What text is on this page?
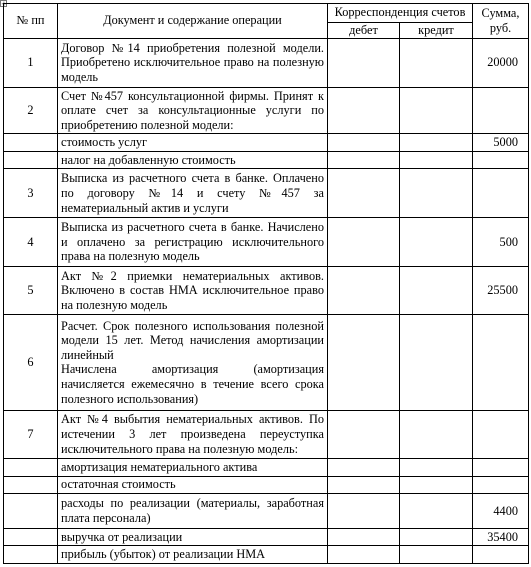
+
№ пп	Документ и содержание операции	Корреспонденция счетов		Сумма, руб.
		дебет	кредит	
1	Договор №14 приобретения полезной модели. Приобретено исключительное право на полезную модель			20000
2	Счет №457 консультационной фирмы. Принят к оплате счет за консультационные услуги по приобретению полезной модели:			
	стоимость услуг			5000
	налог на добавленную стоимость			
3	Выписка из расчетного счета в банке. Оплачено по договору №14 и счету №457 за нематериальный актив и услуги			
4	Выписка из расчетного счета в банке. Начислено и оплачено за регистрацию исключительного права на полезную модель			500
5	Акт №2 приемки нематериальных активов. Включено в состав НМА исключительное право на полезную модель			25500
6	Расчет. Срок полезного использования полезной модели 15 лет. Метод начисления амортизации линейный
Начислена амортизация (амортизация начисляется ежемесячно в течение всего срока полезного использования)			

7	Акт №4 выбытия нематериальных активов. По истечении 3 лет произведена переуступка исключительного права на полезную модель:			
	амортизация нематериального актива			
	остаточная стоимость			
	расходы по реализации (материалы, заработная плата персонала)			4400
	выручка от реализации			35400
	прибыль (убыток) от реализации НМА			
